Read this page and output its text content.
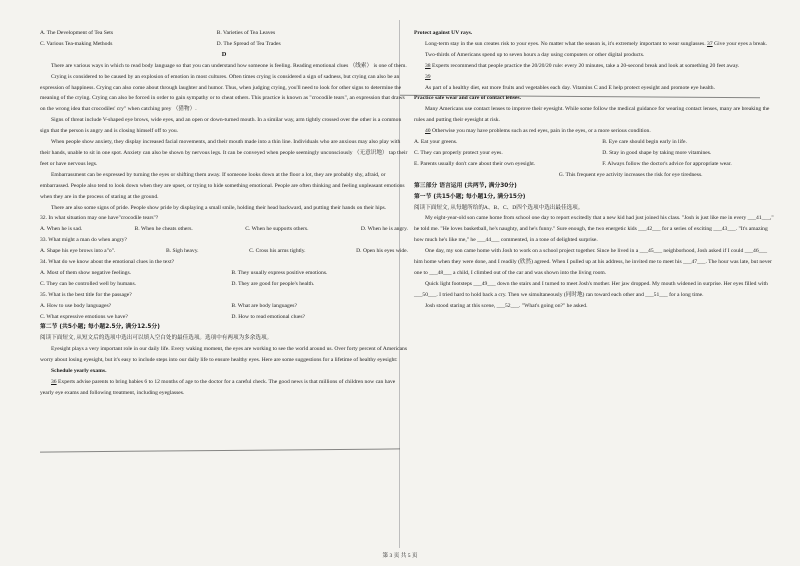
A. The Development of Tea Sets	B. Varieties of Tea Leaves
C. Various Tea-making Methods	D. The Spread of Tea Trades

D

There are various ways in which to read body language so that you can understand how someone is feeling. Reading emotional clues （线索） is one of them.

Crying is considered to be caused by an explosion of emotion in most cultures. Often times crying is considered a sign of sadness, but crying can also be an expression of happiness. Crying can also come about through laughter and humor. Thus, when judging crying, you'll need to look for other signs to determine the meaning of the crying. Crying can also be forced in order to gain sympathy or to cheat others. This practice is known as "crocodile tears", an expression that draws on the wrong idea that crocodiles' cry" when catching prey （猎物）.

Signs of threat include V-shaped eye brows, wide eyes, and an open or down-turned mouth. In a similar way, arm tightly crossed over the other is a common sign that the person is angry and is closing himself off to you.

When people show anxiety, they display increased facial movements, and their mouth made into a thin line. Individuals who are anxious may also play with their hands, unable to sit in one spot. Anxiety can also be shown by nervous legs. It can be conveyed when people seemingly unconsciously （无意识地） tap their feet or have nervous legs.

Embarrassment can be expressed by turning the eyes or shifting them away. If someone looks down at the floor a lot, they are probably shy, afraid, or embarrassed. People also tend to look down when they are upset, or trying to hide something emotional. People are often thinking and feeling unpleasant emotions when they are in the process of staring at the ground.

There are also some signs of pride. People show pride by displaying a small smile, holding their head backward, and putting their hands on their hips.

32. In what situation may one have"crocodile tears"?

A. When he is sad.	B. When he cheats others.	C. When he supports others.	D. When he is angry.

33. What might a man do when angry?

A. Shape his eye brows into a"o".	B. Sigh heavy.	C. Cross his arms tightly.	D. Open his eyes wide.

34. What do we know about the emotional clues in the text?

A. Most of them show negative feelings.	B. They usually express positive emotions.
C. They can be controlled well by humans.	D. They are good for people's health.

35. What is the best title for the passage?

A. How to use body languages?	B. What are body languages?
C. What expressive emotions we have?	D. How to read emotional clues?

第二节 (共5小题; 每小题2.5分, 满分12.5分)

阅读下面短文, 从短文后的选项中选出可以填入空白处的最佳选项。选项中有两项为多余选项。

Eyesight plays a very important role in our daily life. Every waking moment, the eyes are working to see the world around us. Over forty percent of Americans worry about losing eyesight, but it's easy to include steps into our daily life to ensure healthy eyes. Here are some suggestions for a lifetime of healthy eyesight:

Schedule yearly exams.

36 Experts advise parents to bring babies 6 to 12 months of age to the doctor for a careful check. The good news is that millions of children now can have yearly eye exams and following treatment, including eyeglasses.

Protect against UV rays.

Long-term stay in the sun creates risk to your eyes. No matter what the season is, it's extremely important to wear sunglasses. 37 Give your eyes a break.

Two-thirds of Americans spend up to seven hours a day using computers or other digital products.

38 Experts recommend that people practice the 20/20/20 rule: every 20 minutes, take a 20-second break and look at something 20 feet away.

39

As part of a healthy diet, eat more fruits and vegetables each day. Vitamins C and E help protect eyesight and promote eye health.

Practice safe wear and care of contact lenses.

Many Americans use contact lenses to improve their eyesight. While some follow the medical guidance for wearing contact lenses, many are breaking the rules and putting their eyesight at risk.

40 Otherwise you may have problems such as red eyes, pain in the eyes, or a more serious condition.

A. Eat your greens.	B. Eye care should begin early in life.
C. They can properly protect your eyes.	D. Stay in good shape by taking more vitamines.
E. Parents usually don't care about their own eyesight.	F. Always follow the doctor's advice for appropriate wear.

G. This frequent eye activity increases the risk for eye tiredness.

第三部分 语言运用 (共两节, 满分30分)

第一节 (共15小题; 每小题1分, 满分15分)

阅读下面短文, 从每题所给的A、B、C、D四个选项中选出最佳选项。

My eight-year-old son came home from school one day to report excitedly that a new kid had just joined his class. "Josh is just like me in every ___41___," he told me. "He loves basketball, he's naughty, and he's funny." Sure enough, the two energetic kids ___42___ for a series of exciting ___43___. "It's amazing how much he's like me," he ___44___ commented, in a tone of delighted surprise.

One day, my son came home with Josh to work on a school project together. Since he lived in a ___45___ neighborhood, Josh asked if I could ___46___ him home when they were done, and I readily (欣然) agreed. When I pulled up at his address, he invited me to meet his ___47___. The hour was late, but never one to ___48___ a child, I climbed out of the car and was shown into the living room.

Quick light footsteps ___49___ down the stairs and I turned to meet Josh's mother. Her jaw dropped. My mouth widened in surprise. Her eyes filled with ___50___. I tried hard to hold back a cry. Then we simultaneously (同时地) ran toward each other and ___51___ for a long time.

Josh stood staring at this scene, ___52___. "What's going on?" he asked.

第 3 页 共 5 页
